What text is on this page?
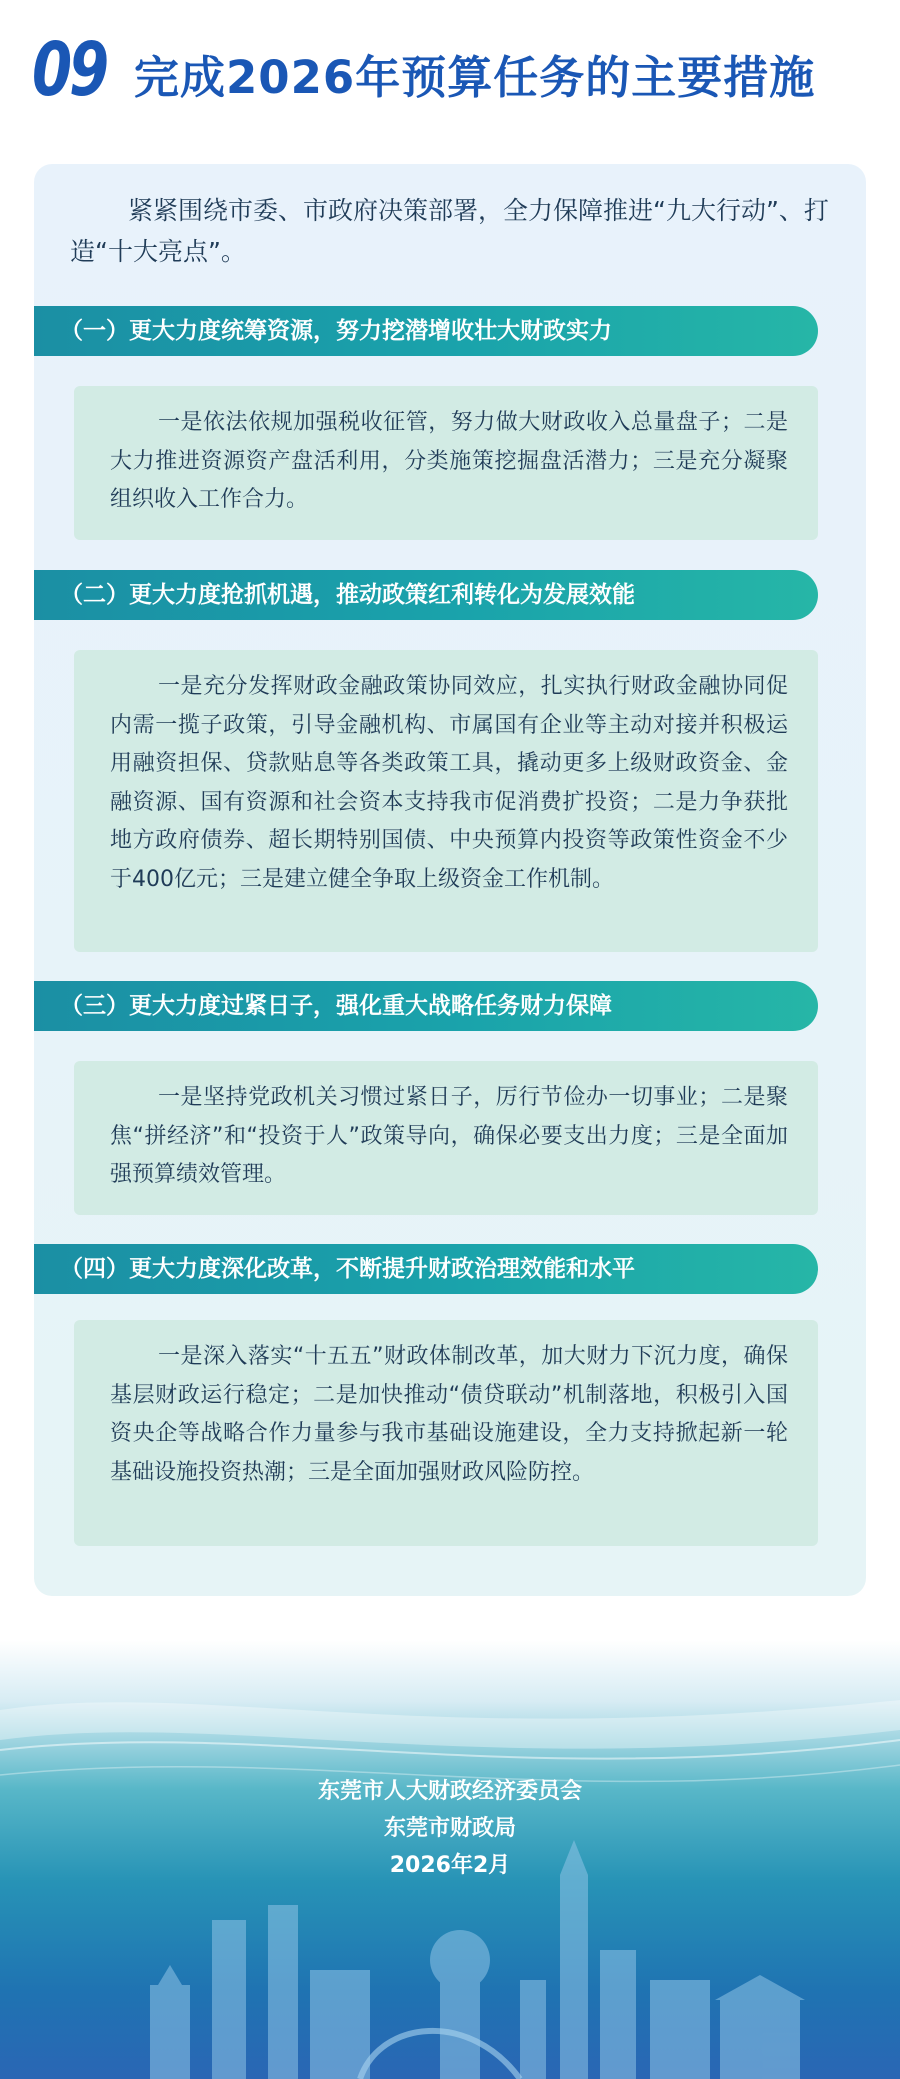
09 完成2026年预算任务的主要措施
紧紧围绕市委、市政府决策部署，全力保障推进“九大行动”、打造“十大亮点”。
（一）更大力度统筹资源，努力挖潜增收壮大财政实力

一是依法依规加强税收征管，努力做大财政收入总量盘子；二是大力推进资源资产盘活利用，分类施策挖掘盘活潜力；三是充分凝聚组织收入工作合力。

（二）更大力度抢抓机遇，推动政策红利转化为发展效能

一是充分发挥财政金融政策协同效应，扎实执行财政金融协同促内需一揽子政策，引导金融机构、市属国有企业等主动对接并积极运用融资担保、贷款贴息等各类政策工具，撬动更多上级财政资金、金融资源、国有资源和社会资本支持我市促消费扩投资；二是力争获批地方政府债券、超长期特别国债、中央预算内投资等政策性资金不少于400亿元；三是建立健全争取上级资金工作机制。

（三）更大力度过紧日子，强化重大战略任务财力保障

一是坚持党政机关习惯过紧日子，厉行节俭办一切事业；二是聚焦“拼经济”和“投资于人”政策导向，确保必要支出力度；三是全面加强预算绩效管理。

（四）更大力度深化改革，不断提升财政治理效能和水平

一是深入落实“十五五”财政体制改革，加大财力下沉力度，确保基层财政运行稳定；二是加快推动“债贷联动”机制落地，积极引入国资央企等战略合作力量参与我市基础设施建设，全力支持掀起新一轮基础设施投资热潮；三是全面加强财政风险防控。

东莞市人大财政经济委员会
东莞市财政局
2026年2月
